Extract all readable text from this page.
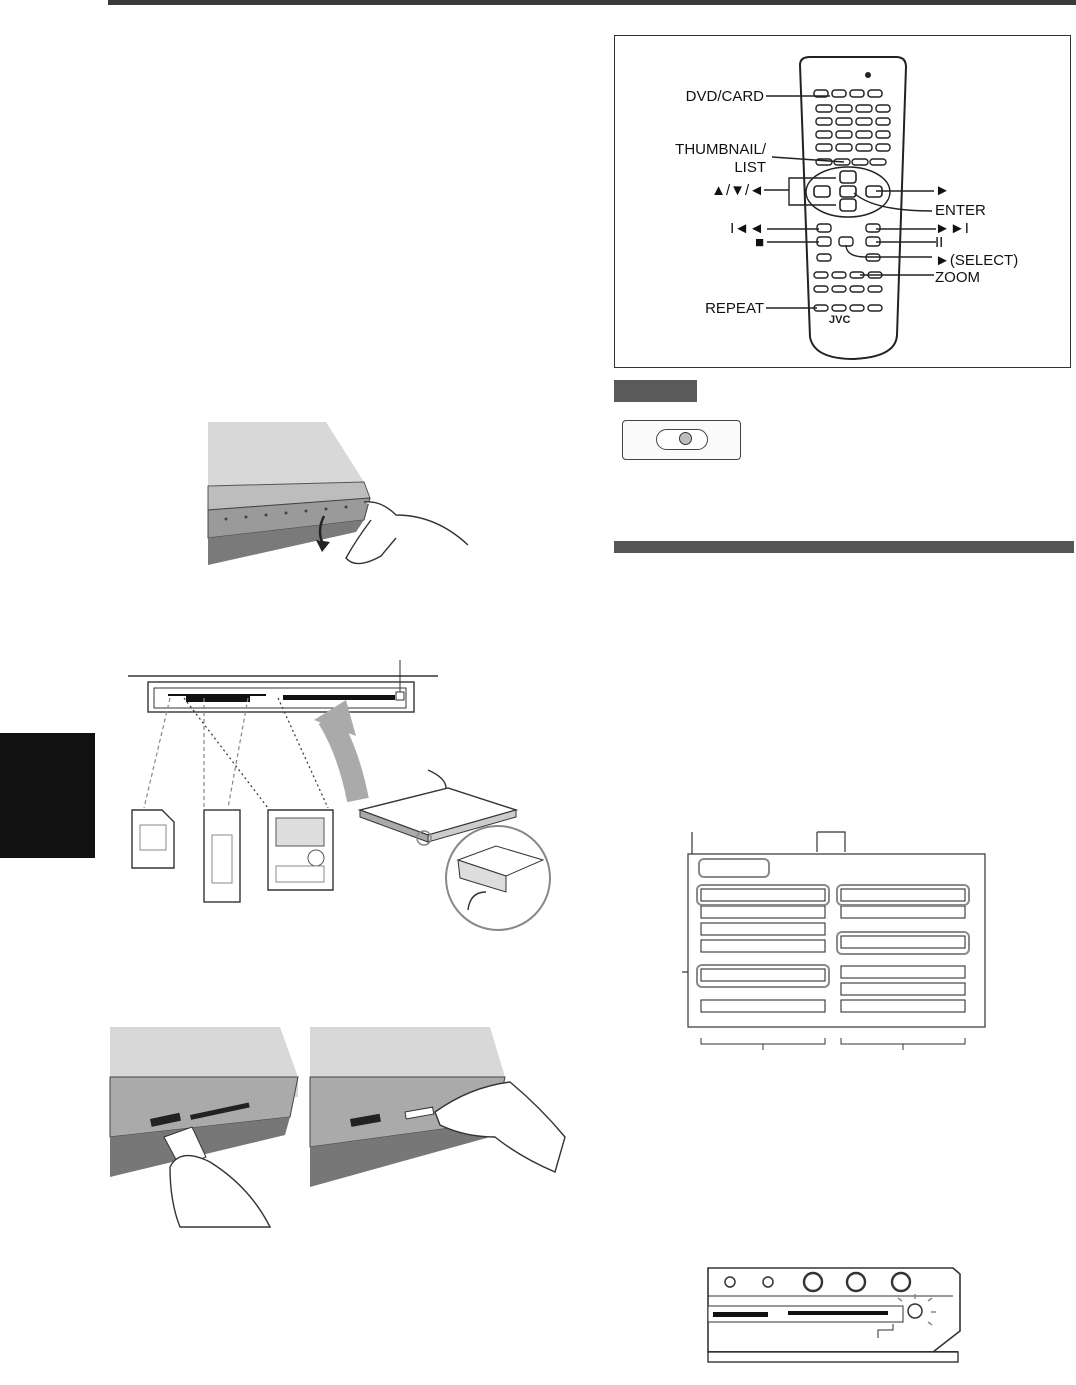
DVD/CARD
THUMBNAIL/
LIST
▲/▼/◄	►
ENTER
I◄◄	►►I
■	II
►(SELECT)
ZOOM
REPEAT
JVC
